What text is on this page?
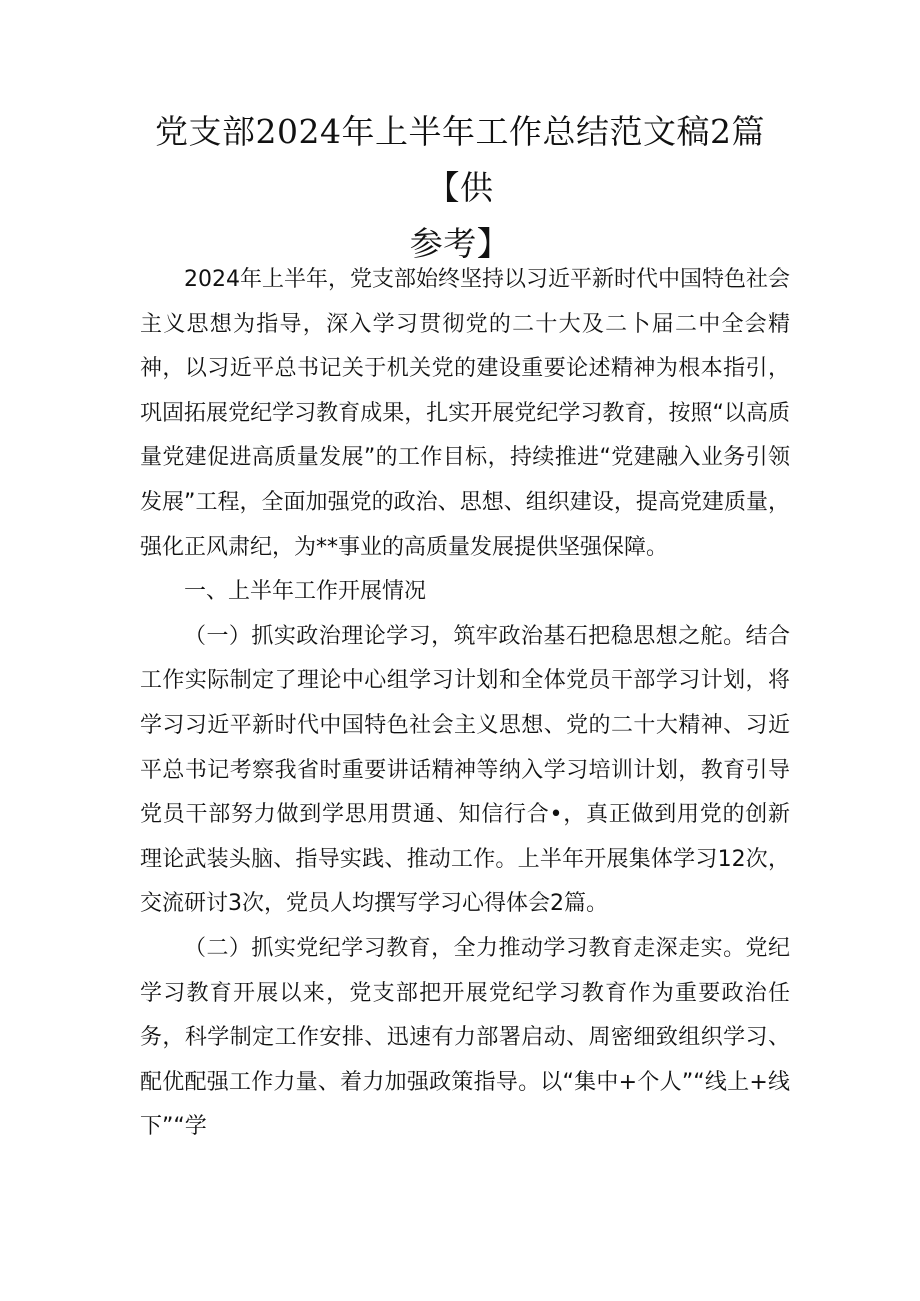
党支部2024年上半年工作总结范文稿2篇【供
参考】

2024年上半年，党支部始终坚持以习近平新时代中国特色社会主义思想为指导，深入学习贯彻党的二十大及二卜届二中全会精神，以习近平总书记关于机关党的建设重要论述精神为根本指引，巩固拓展党纪学习教育成果，扎实开展党纪学习教育，按照“以高质量党建促进高质量发展”的工作目标，持续推进“党建融入业务引领发展”工程，全面加强党的政治、思想、组织建设，提高党建质量，强化正风肃纪，为**事业的高质量发展提供坚强保障。

一、上半年工作开展情况

（一）抓实政治理论学习，筑牢政治基石把稳思想之舵。结合工作实际制定了理论中心组学习计划和全体党员干部学习计划，将学习习近平新时代中国特色社会主义思想、党的二十大精神、习近平总书记考察我省时重要讲话精神等纳入学习培训计划，教育引导党员干部努力做到学思用贯通、知信行合•，真正做到用党的创新理论武装头脑、指导实践、推动工作。上半年开展集体学习12次，交流研讨3次，党员人均撰写学习心得体会2篇。

（二）抓实党纪学习教育，全力推动学习教育走深走实。党纪学习教育开展以来，党支部把开展党纪学习教育作为重要政治任务，科学制定工作安排、迅速有力部署启动、周密细致组织学习、配优配强工作力量、着力加强政策指导。以“集中+个人”“线上+线下”“学
